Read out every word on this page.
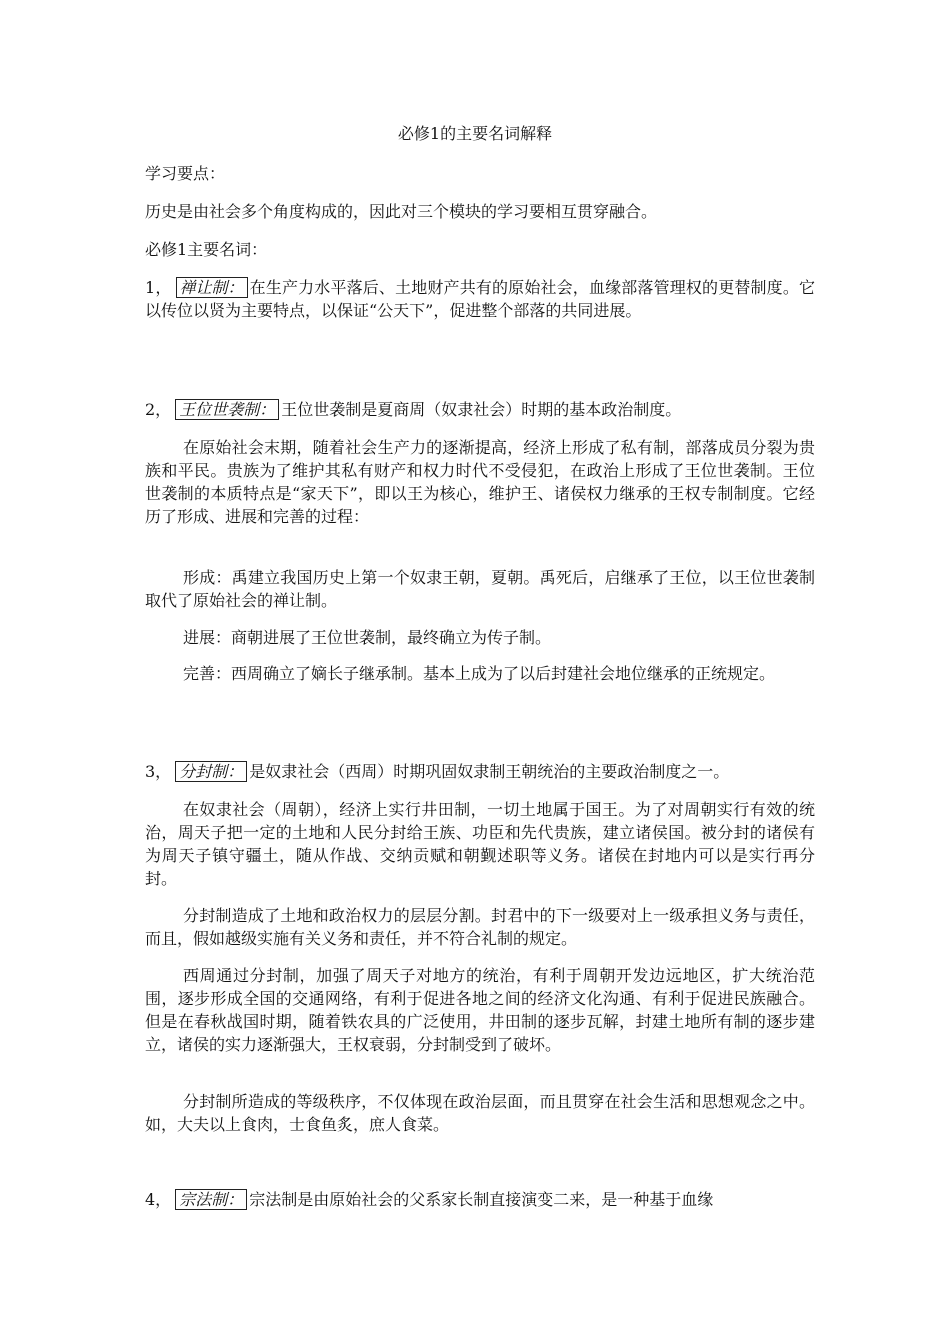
必修1的主要名词解释

学习要点：

历史是由社会多个角度构成的，因此对三个模块的学习要相互贯穿融合。

必修1主要名词：

1， 禅让制： 在生产力水平落后、土地财产共有的原始社会，血缘部落管理权的更替制度。它以传位以贤为主要特点，以保证“公天下”，促进整个部落的共同进展。

2， 王位世袭制： 王位世袭制是夏商周（奴隶社会）时期的基本政治制度。

在原始社会末期，随着社会生产力的逐渐提高，经济上形成了私有制，部落成员分裂为贵族和平民。贵族为了维护其私有财产和权力时代不受侵犯，在政治上形成了王位世袭制。王位世袭制的本质特点是“家天下”，即以王为核心，维护王、诸侯权力继承的王权专制制度。它经历了形成、进展和完善的过程：

形成：禹建立我国历史上第一个奴隶王朝，夏朝。禹死后，启继承了王位，以王位世袭制取代了原始社会的禅让制。

进展：商朝进展了王位世袭制，最终确立为传子制。

完善：西周确立了嫡长子继承制。基本上成为了以后封建社会地位继承的正统规定。

3， 分封制： 是奴隶社会（西周）时期巩固奴隶制王朝统治的主要政治制度之一。

在奴隶社会（周朝），经济上实行井田制，一切土地属于国王。为了对周朝实行有效的统治，周天子把一定的土地和人民分封给王族、功臣和先代贵族，建立诸侯国。被分封的诸侯有为周天子镇守疆土，随从作战、交纳贡赋和朝觐述职等义务。诸侯在封地内可以是实行再分封。

分封制造成了土地和政治权力的层层分割。封君中的下一级要对上一级承担义务与责任，而且，假如越级实施有关义务和责任，并不符合礼制的规定。

西周通过分封制，加强了周天子对地方的统治，有利于周朝开发边远地区，扩大统治范围，逐步形成全国的交通网络，有利于促进各地之间的经济文化沟通、有利于促进民族融合。但是在春秋战国时期，随着铁农具的广泛使用，井田制的逐步瓦解，封建土地所有制的逐步建立，诸侯的实力逐渐强大，王权衰弱，分封制受到了破坏。

分封制所造成的等级秩序，不仅体现在政治层面，而且贯穿在社会生活和思想观念之中。如，大夫以上食肉，士食鱼炙，庶人食菜。

4， 宗法制： 宗法制是由原始社会的父系家长制直接演变二来，是一种基于血缘
